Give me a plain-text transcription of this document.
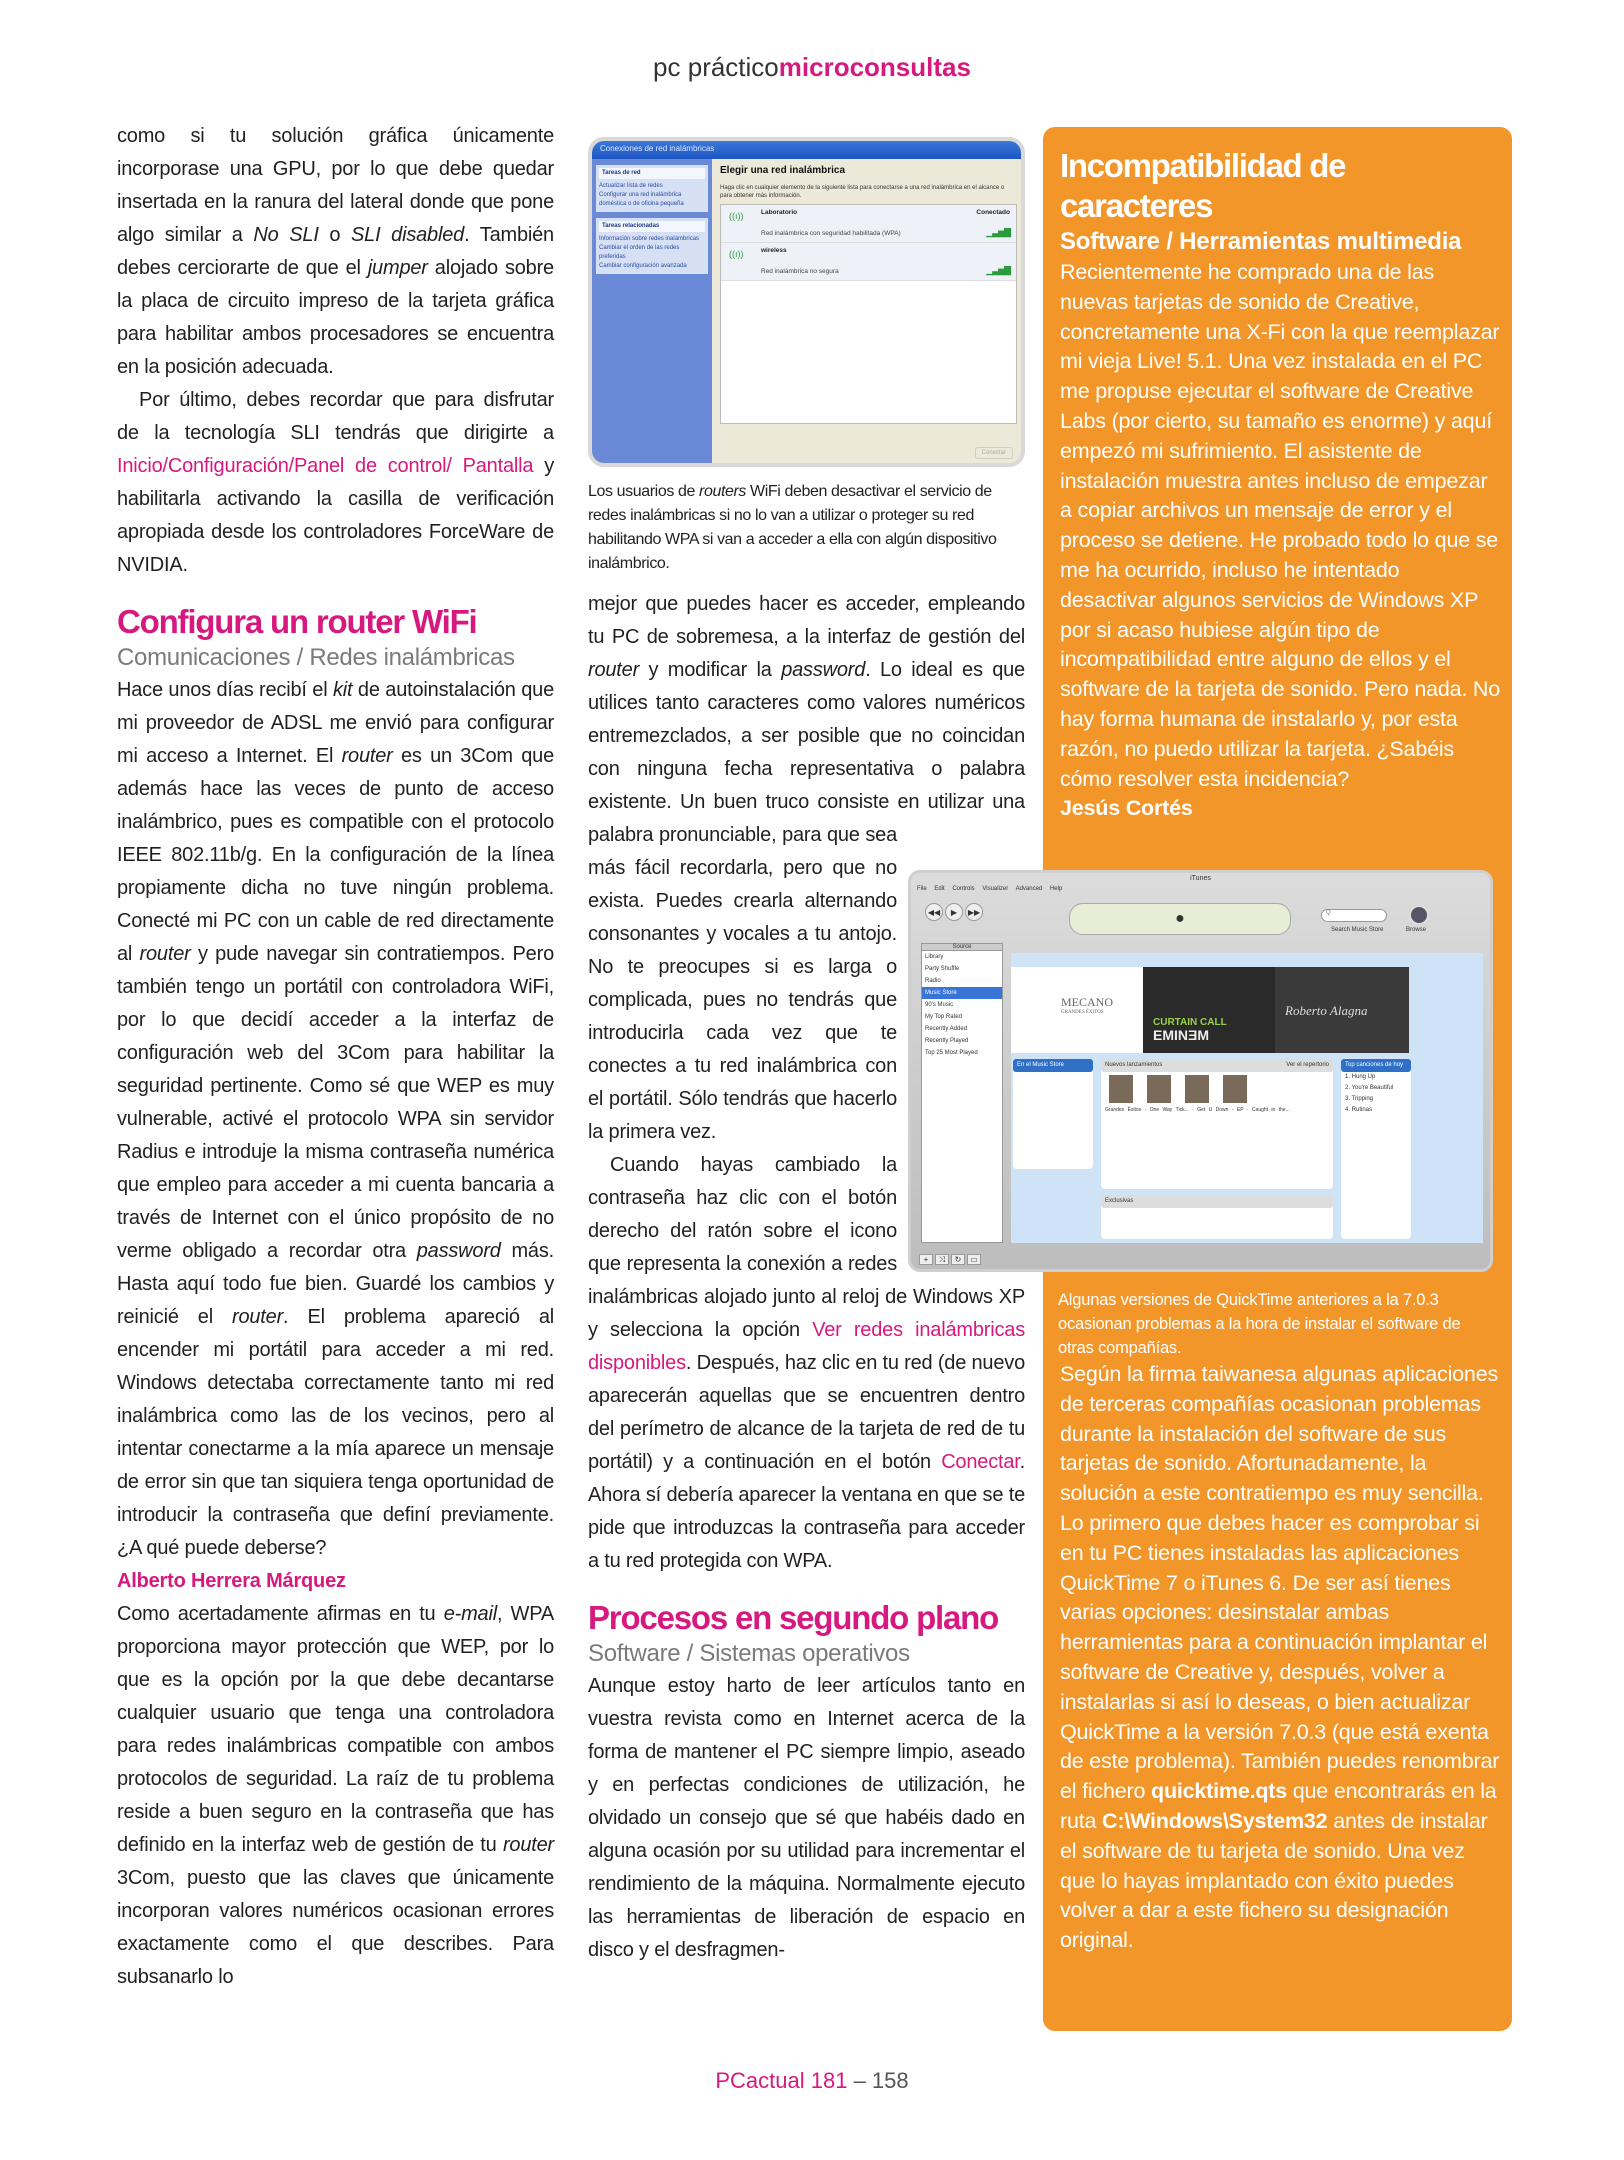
pc prácticomicroconsultas

como si tu solución gráfica únicamente incorporase una GPU, por lo que debe quedar insertada en la ranura del lateral donde que pone algo similar a No SLI o SLI disabled. También debes cerciorarte de que el jumper alojado sobre la placa de circuito impreso de la tarjeta gráfica para habilitar ambos procesadores se encuentra en la posición adecuada.

Por último, debes recordar que para disfrutar de la tecnología SLI tendrás que dirigirte a Inicio/Configuración/Panel de control/ Pantalla y habilitarla activando la casilla de verificación apropiada desde los controladores ForceWare de NVIDIA.

Configura un router WiFi
Comunicaciones / Redes inalámbricas

Hace unos días recibí el kit de autoinstalación que mi proveedor de ADSL me envió para configurar mi acceso a Internet. El router es un 3Com que además hace las veces de punto de acceso inalámbrico, pues es compatible con el protocolo IEEE 802.11b/g. En la configuración de la línea propiamente dicha no tuve ningún problema. Conecté mi PC con un cable de red directamente al router y pude navegar sin contratiempos. Pero también tengo un portátil con controladora WiFi, por lo que decidí acceder a la interfaz de configuración web del 3Com para habilitar la seguridad pertinente. Como sé que WEP es muy vulnerable, activé el protocolo WPA sin servidor Radius e introduje la misma contraseña numérica que empleo para acceder a mi cuenta bancaria a través de Internet con el único propósito de no verme obligado a recordar otra password más. Hasta aquí todo fue bien. Guardé los cambios y reinicié el router. El problema apareció al encender mi portátil para acceder a mi red. Windows detectaba correctamente tanto mi red inalámbrica como las de los vecinos, pero al intentar conectarme a la mía aparece un mensaje de error sin que tan siquiera tenga oportunidad de introducir la contraseña que definí previamente. ¿A qué puede deberse?

Alberto Herrera Márquez

Como acertadamente afirmas en tu e-mail, WPA proporciona mayor protección que WEP, por lo que es la opción por la que debe decantarse cualquier usuario que tenga una controladora para redes inalámbricas compatible con ambos protocolos de seguridad. La raíz de tu problema reside a buen seguro en la contraseña que has definido en la interfaz web de gestión de tu router 3Com, puesto que las claves que únicamente incorporan valores numéricos ocasionan errores exactamente como el que describes. Para subsanarlo lo

Conexiones de red inalámbricas
Tareas de red
Actualizar lista de redes
Configurar una red inalámbrica doméstica o de oficina pequeña
Tareas relacionadas
Información sobre redes inalámbricas
Cambiar el orden de las redes preferidas
Cambiar configuración avanzada
Elegir una red inalámbrica
Haga clic en cualquier elemento de la siguiente lista para conectarse a una red inalámbrica en el alcance o para obtener más información.
((ı))	Laboratorio	Conectado
Red inalámbrica con seguridad habilitada (WPA)	▁▃▅▇
((ı))	wireless
Red inalámbrica no segura	▁▃▅▇
Conectar

Los usuarios de routers WiFi deben desactivar el servicio de redes inalámbricas si no lo van a utilizar o proteger su red habilitando WPA si van a acceder a ella con algún dispositivo inalámbrico.

mejor que puedes hacer es acceder, empleando tu PC de sobremesa, a la interfaz de gestión del router y modificar la password. Lo ideal es que utilices tanto caracteres como valores numéricos entremezclados, a ser posible que no coincidan con ninguna fecha representativa o palabra existente. Un buen truco consiste en utilizar una palabra pronunciable, para que sea más fácil recordarla, pero que no exista. Puedes crearla alternando consonantes y vocales a tu antojo. No te preocupes si es larga o complicada, pues no tendrás que introducirla cada vez que te conectes a tu red inalámbrica con el portátil. Sólo tendrás que hacerlo la primera vez.

Cuando hayas cambiado la contraseña haz clic con el botón derecho del ratón sobre el icono que representa la conexión a redes inalámbricas alojado junto al reloj de Windows XP y selecciona la opción Ver redes inalámbricas disponibles. Después, haz clic en tu red (de nuevo aparecerán aquellas que se encuentren dentro del perímetro de alcance de la tarjeta de red de tu portátil) y a continuación en el botón Conectar. Ahora sí debería aparecer la ventana en que se te pide que introduzcas la contraseña para acceder a tu red protegida con WPA.

Procesos en segundo plano
Software / Sistemas operativos

Aunque estoy harto de leer artículos tanto en vuestra revista como en Internet acerca de la forma de mantener el PC siempre limpio, aseado y en perfectas condiciones de utilización, he olvidado un consejo que sé que habéis dado en alguna ocasión por su utilidad para incrementar el rendimiento de la máquina. Normalmente ejecuto las herramientas de liberación de espacio en disco y el desfragmen-

Incompatibilidad de caracteres
Software / Herramientas multimedia

Recientemente he comprado una de las nuevas tarjetas de sonido de Creative, concretamente una X-Fi con la que reemplazar mi vieja Live! 5.1. Una vez instalada en el PC me propuse ejecutar el software de Creative Labs (por cierto, su tamaño es enorme) y aquí empezó mi sufrimiento. El asistente de instalación muestra antes incluso de empezar a copiar archivos un mensaje de error y el proceso se detiene. He probado todo lo que se me ha ocurrido, incluso he intentado desactivar algunos servicios de Windows XP por si acaso hubiese algún tipo de incompatibilidad entre alguno de ellos y el software de la tarjeta de sonido. Pero nada. No hay forma humana de instalarlo y, por esta razón, no puedo utilizar la tarjeta. ¿Sabéis cómo resolver esta incidencia?

Jesús Cortés
Algunas versiones de QuickTime anteriores a la 7.0.3 ocasionan problemas a la hora de instalar el software de otras compañías.

Según la firma taiwanesa algunas aplicaciones de terceras compañías ocasionan problemas durante la instalación del software de sus tarjetas de sonido. Afortunadamente, la solución a este contratiempo es muy sencilla. Lo primero que debes hacer es comprobar si en tu PC tienes instaladas las aplicaciones QuickTime 7 o iTunes 6. De ser así tienes varias opciones: desinstalar ambas herramientas para a continuación implantar el software de Creative y, después, volver a instalarlas si así lo deseas, o bien actualizar QuickTime a la versión 7.0.3 (que está exenta de este problema). También puedes renombrar el fichero quicktime.qts que encontrarás en la ruta C:\Windows\System32 antes de instalar el software de tu tarjeta de sonido. Una vez que lo hayas implantado con éxito puedes volver a dar a este fichero su designación original.

iTunes
File Edit Controls Visualizer Advanced Help
◀◀ ▶ ▶▶	●	Q
Search Music Store	Browse
Source
Library
Party Shuffle
Radio
Music Store
90's Music
My Top Rated
Recently Added
Recently Played
Top 25 Most Played
MECANO
GRANDES ÉXITOS
CURTAIN CALL
EMINƎM
Roberto Alagna
En el Music Store	Nuevos lanzamientos	Ver el repertorio
Grandes Éxitos · One Way Tick... · Get U Down - EP · Caught in the...
Exclusivas
Top canciones de hoy
1. Hung Up
2. You're Beautiful
3. Tripping
4. Rutinas
+ ⤨ ↻ ▭
PCactual 181 – 158
